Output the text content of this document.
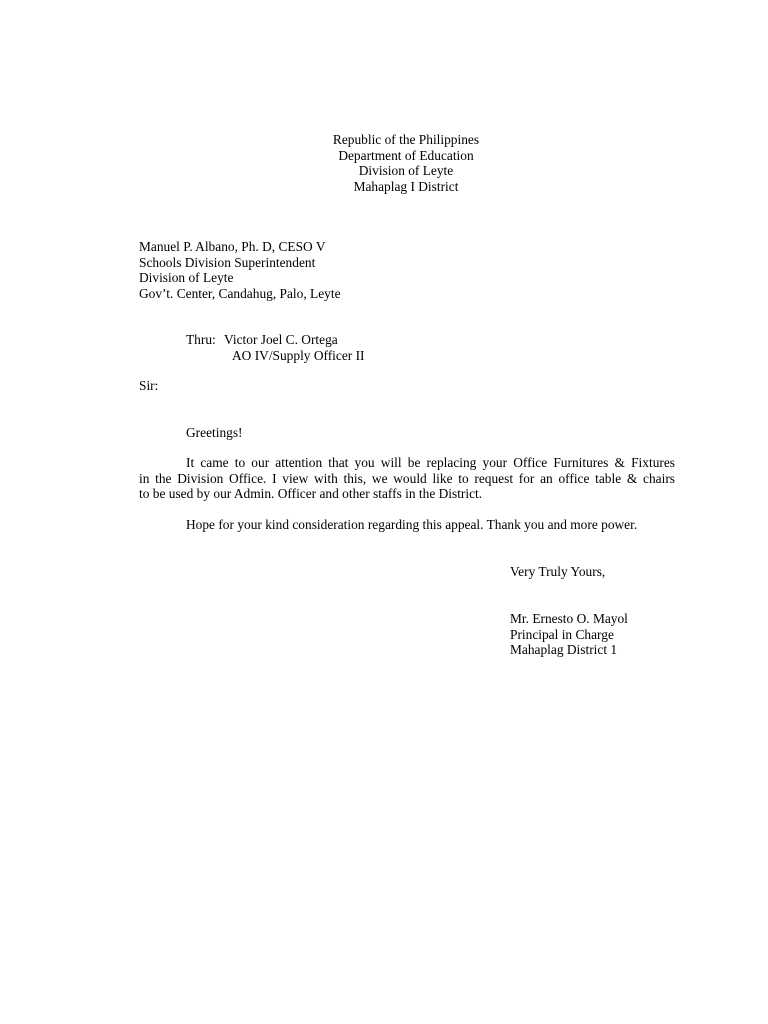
Republic of the Philippines
Department of Education
Division of Leyte
Mahaplag I District
Manuel P. Albano, Ph. D, CESO V
Schools Division Superintendent
Division of Leyte
Gov’t. Center, Candahug, Palo, Leyte
Thru: Victor Joel C. Ortega
AO IV/Supply Officer II
Sir:
Greetings!
It came to our attention that you will be replacing your Office Furnitures & Fixtures
in the Division Office. I view with this, we would like to request for an office table & chairs
to be used by our Admin. Officer and other staffs in the District.
Hope for your kind consideration regarding this appeal. Thank you and more power.
Very Truly Yours,
Mr. Ernesto O. Mayol
Principal in Charge
Mahaplag District 1
